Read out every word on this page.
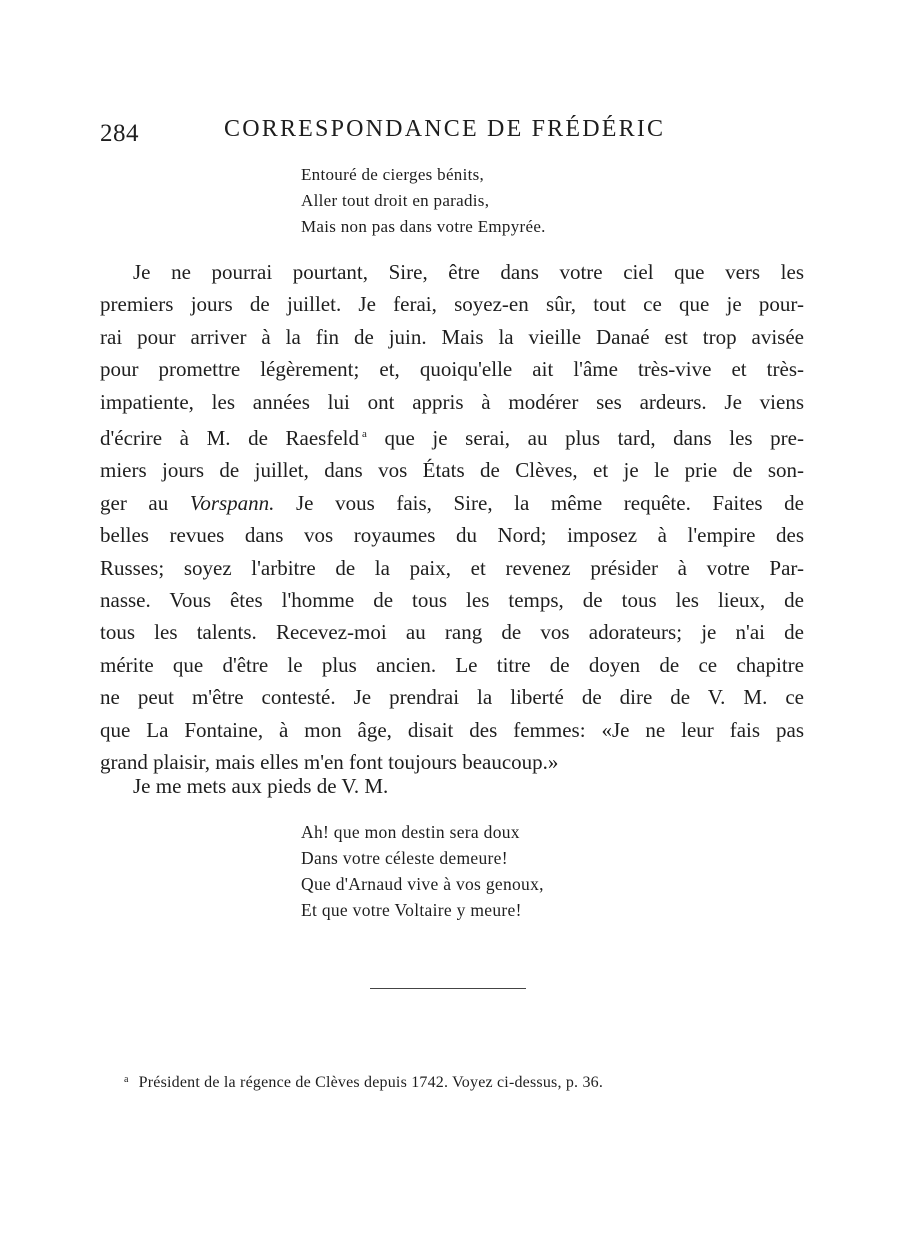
284	CORRESPONDANCE DE FRÉDÉRIC
Entouré de cierges bénits,
Aller tout droit en paradis,
Mais non pas dans votre Empyrée.
Je ne pourrai pourtant, Sire, être dans votre ciel que vers les
premiers jours de juillet. Je ferai, soyez-en sûr, tout ce que je pour-
rai pour arriver à la fin de juin. Mais la vieille Danaé est trop avisée
pour promettre légèrement; et, quoiqu'elle ait l'âme très-vive et très-
impatiente, les années lui ont appris à modérer ses ardeurs. Je viens
d'écrire à M. de Raesfeld $^a$ que je serai, au plus tard, dans les pre-
miers jours de juillet, dans vos États de Clèves, et je le prie de son-
ger au Vorspann. Je vous fais, Sire, la même requête. Faites de
belles revues dans vos royaumes du Nord; imposez à l'empire des
Russes; soyez l'arbitre de la paix, et revenez présider à votre Par-
nasse. Vous êtes l'homme de tous les temps, de tous les lieux, de
tous les talents. Recevez-moi au rang de vos adorateurs; je n'ai de
mérite que d'être le plus ancien. Le titre de doyen de ce chapitre
ne peut m'être contesté. Je prendrai la liberté de dire de V. M. ce
que La Fontaine, à mon âge, disait des femmes: «Je ne leur fais pas
grand plaisir, mais elles m'en font toujours beaucoup.»
Je me mets aux pieds de V. M.
Ah! que mon destin sera doux
Dans votre céleste demeure!
Que d'Arnaud vive à vos genoux,
Et que votre Voltaire y meure!
$^a$ Président de la régence de Clèves depuis 1742. Voyez ci-dessus, p. 36.
